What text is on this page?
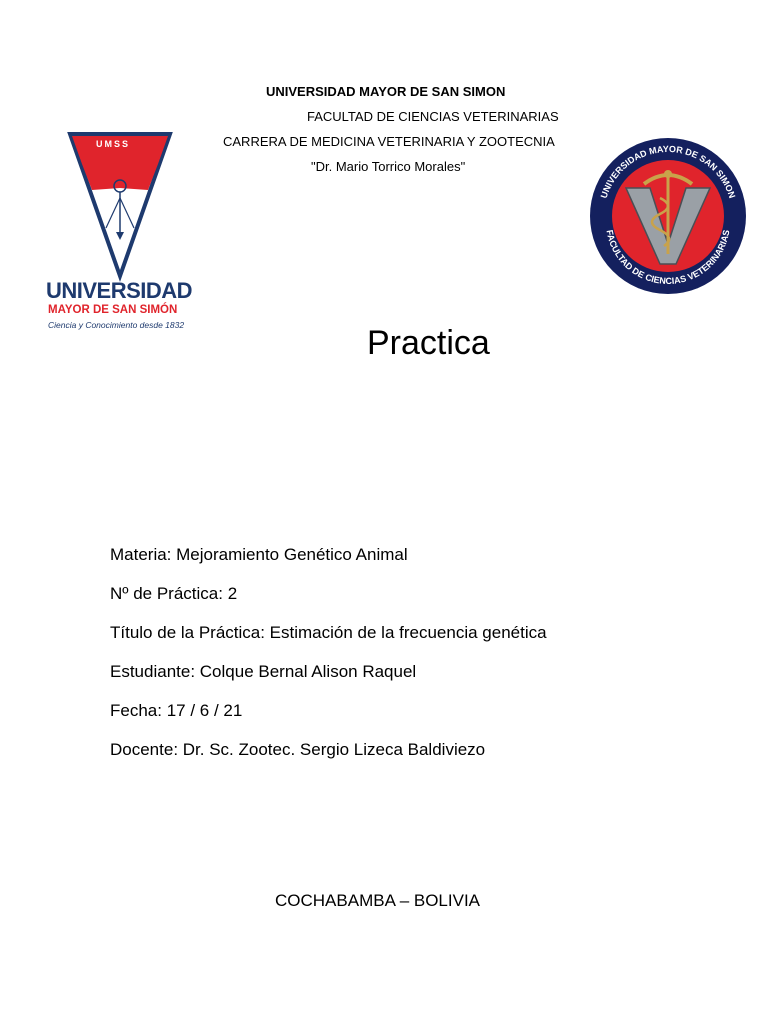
UNIVERSIDAD MAYOR DE SAN SIMON
FACULTAD DE CIENCIAS VETERINARIAS
CARRERA DE MEDICINA VETERINARIA Y ZOOTECNIA
"Dr. Mario Torrico Morales"
UNIVERSIDAD
MAYOR DE SAN SIMÓN
Ciencia y Conocimiento desde 1832
UMSS
UNIVERSIDAD MAYOR DE SAN SIMON
FACULTAD DE CIENCIAS VETERINARIAS
Practica
Materia: Mejoramiento Genético Animal
Nº de Práctica: 2
Título de la Práctica: Estimación de la frecuencia genética
Estudiante: Colque Bernal Alison Raquel
Fecha: 17 / 6 / 21
Docente: Dr. Sc. Zootec. Sergio Lizeca Baldiviezo
COCHABAMBA – BOLIVIA
